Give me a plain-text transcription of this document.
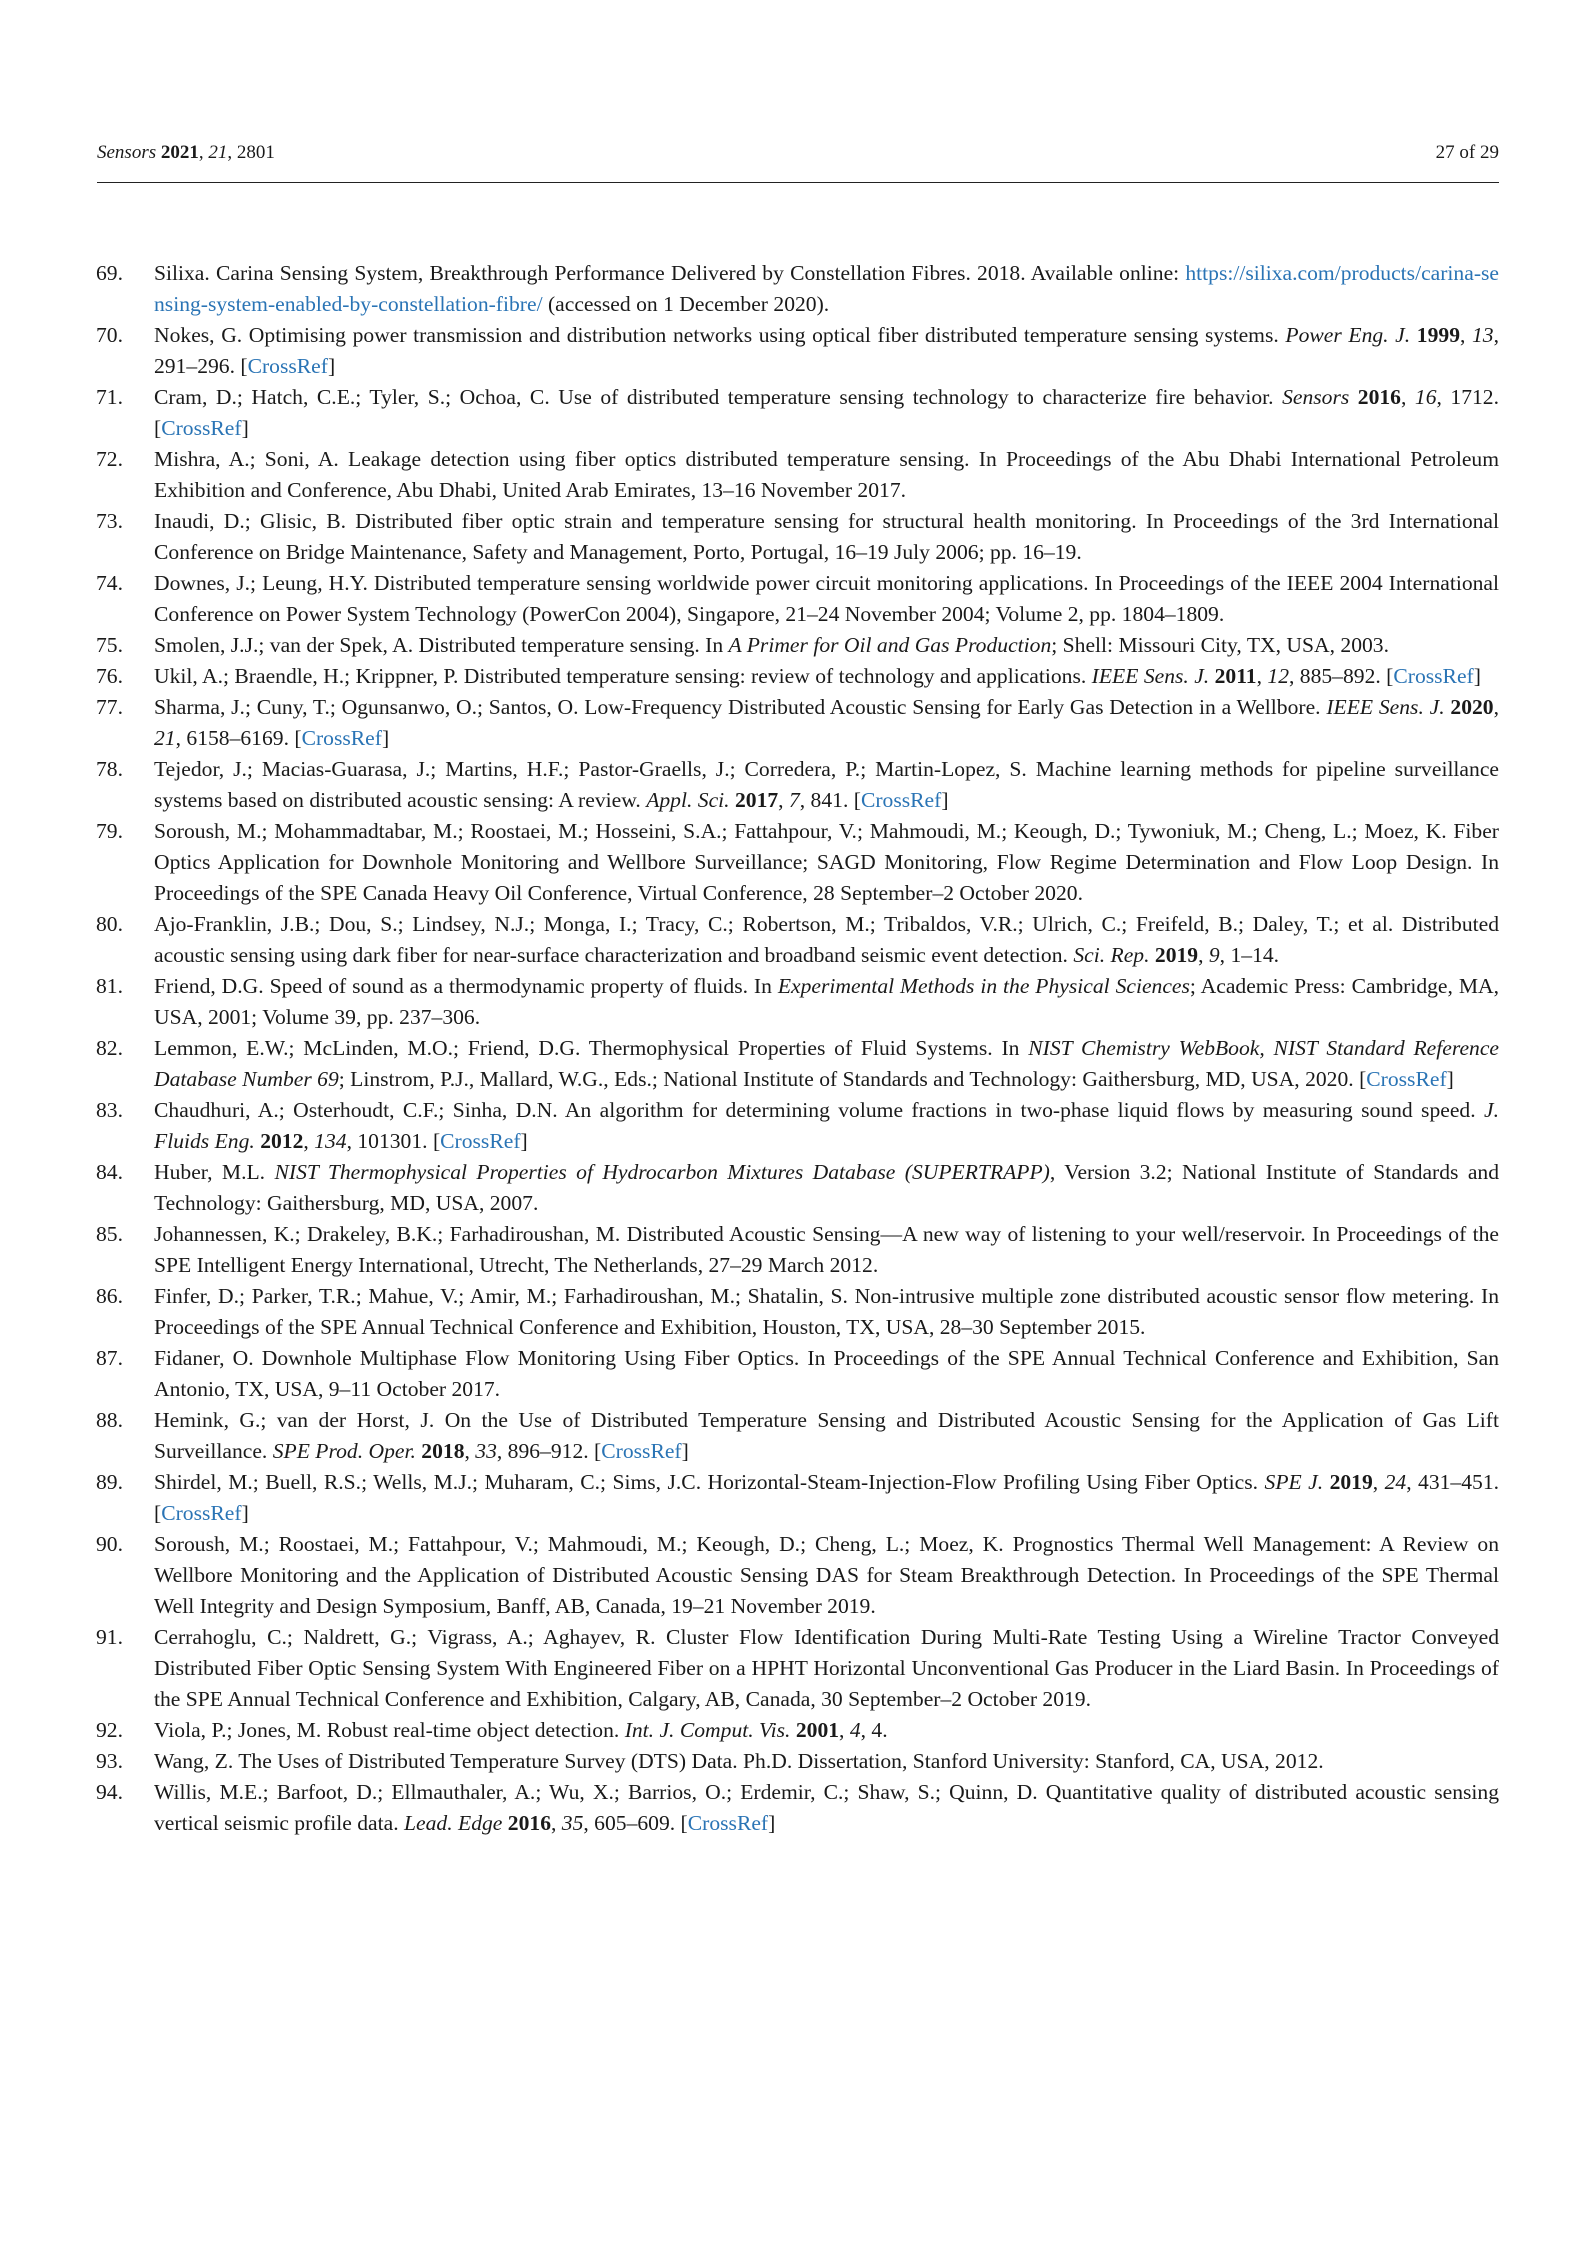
Sensors 2021, 21, 2801	27 of 29
69. Silixa. Carina Sensing System, Breakthrough Performance Delivered by Constellation Fibres. 2018. Available online: https://silixa.com/products/carina-sensing-system-enabled-by-constellation-fibre/ (accessed on 1 December 2020).
70. Nokes, G. Optimising power transmission and distribution networks using optical fiber distributed temperature sensing systems. Power Eng. J. 1999, 13, 291–296. [CrossRef]
71. Cram, D.; Hatch, C.E.; Tyler, S.; Ochoa, C. Use of distributed temperature sensing technology to characterize fire behavior. Sensors 2016, 16, 1712. [CrossRef]
72. Mishra, A.; Soni, A. Leakage detection using fiber optics distributed temperature sensing. In Proceedings of the Abu Dhabi International Petroleum Exhibition and Conference, Abu Dhabi, United Arab Emirates, 13–16 November 2017.
73. Inaudi, D.; Glisic, B. Distributed fiber optic strain and temperature sensing for structural health monitoring. In Proceedings of the 3rd International Conference on Bridge Maintenance, Safety and Management, Porto, Portugal, 16–19 July 2006; pp. 16–19.
74. Downes, J.; Leung, H.Y. Distributed temperature sensing worldwide power circuit monitoring applications. In Proceedings of the IEEE 2004 International Conference on Power System Technology (PowerCon 2004), Singapore, 21–24 November 2004; Volume 2, pp. 1804–1809.
75. Smolen, J.J.; van der Spek, A. Distributed temperature sensing. In A Primer for Oil and Gas Production; Shell: Missouri City, TX, USA, 2003.
76. Ukil, A.; Braendle, H.; Krippner, P. Distributed temperature sensing: review of technology and applications. IEEE Sens. J. 2011, 12, 885–892. [CrossRef]
77. Sharma, J.; Cuny, T.; Ogunsanwo, O.; Santos, O. Low-Frequency Distributed Acoustic Sensing for Early Gas Detection in a Wellbore. IEEE Sens. J. 2020, 21, 6158–6169. [CrossRef]
78. Tejedor, J.; Macias-Guarasa, J.; Martins, H.F.; Pastor-Graells, J.; Corredera, P.; Martin-Lopez, S. Machine learning methods for pipeline surveillance systems based on distributed acoustic sensing: A review. Appl. Sci. 2017, 7, 841. [CrossRef]
79. Soroush, M.; Mohammadtabar, M.; Roostaei, M.; Hosseini, S.A.; Fattahpour, V.; Mahmoudi, M.; Keough, D.; Tywoniuk, M.; Cheng, L.; Moez, K. Fiber Optics Application for Downhole Monitoring and Wellbore Surveillance; SAGD Monitoring, Flow Regime Determination and Flow Loop Design. In Proceedings of the SPE Canada Heavy Oil Conference, Virtual Conference, 28 September–2 October 2020.
80. Ajo-Franklin, J.B.; Dou, S.; Lindsey, N.J.; Monga, I.; Tracy, C.; Robertson, M.; Tribaldos, V.R.; Ulrich, C.; Freifeld, B.; Daley, T.; et al. Distributed acoustic sensing using dark fiber for near-surface characterization and broadband seismic event detection. Sci. Rep. 2019, 9, 1–14.
81. Friend, D.G. Speed of sound as a thermodynamic property of fluids. In Experimental Methods in the Physical Sciences; Academic Press: Cambridge, MA, USA, 2001; Volume 39, pp. 237–306.
82. Lemmon, E.W.; McLinden, M.O.; Friend, D.G. Thermophysical Properties of Fluid Systems. In NIST Chemistry WebBook, NIST Standard Reference Database Number 69; Linstrom, P.J., Mallard, W.G., Eds.; National Institute of Standards and Technology: Gaithersburg, MD, USA, 2020. [CrossRef]
83. Chaudhuri, A.; Osterhoudt, C.F.; Sinha, D.N. An algorithm for determining volume fractions in two-phase liquid flows by measuring sound speed. J. Fluids Eng. 2012, 134, 101301. [CrossRef]
84. Huber, M.L. NIST Thermophysical Properties of Hydrocarbon Mixtures Database (SUPERTRAPP), Version 3.2; National Institute of Standards and Technology: Gaithersburg, MD, USA, 2007.
85. Johannessen, K.; Drakeley, B.K.; Farhadiroushan, M. Distributed Acoustic Sensing—A new way of listening to your well/reservoir. In Proceedings of the SPE Intelligent Energy International, Utrecht, The Netherlands, 27–29 March 2012.
86. Finfer, D.; Parker, T.R.; Mahue, V.; Amir, M.; Farhadiroushan, M.; Shatalin, S. Non-intrusive multiple zone distributed acoustic sensor flow metering. In Proceedings of the SPE Annual Technical Conference and Exhibition, Houston, TX, USA, 28–30 September 2015.
87. Fidaner, O. Downhole Multiphase Flow Monitoring Using Fiber Optics. In Proceedings of the SPE Annual Technical Conference and Exhibition, San Antonio, TX, USA, 9–11 October 2017.
88. Hemink, G.; van der Horst, J. On the Use of Distributed Temperature Sensing and Distributed Acoustic Sensing for the Application of Gas Lift Surveillance. SPE Prod. Oper. 2018, 33, 896–912. [CrossRef]
89. Shirdel, M.; Buell, R.S.; Wells, M.J.; Muharam, C.; Sims, J.C. Horizontal-Steam-Injection-Flow Profiling Using Fiber Optics. SPE J. 2019, 24, 431–451. [CrossRef]
90. Soroush, M.; Roostaei, M.; Fattahpour, V.; Mahmoudi, M.; Keough, D.; Cheng, L.; Moez, K. Prognostics Thermal Well Management: A Review on Wellbore Monitoring and the Application of Distributed Acoustic Sensing DAS for Steam Breakthrough Detection. In Proceedings of the SPE Thermal Well Integrity and Design Symposium, Banff, AB, Canada, 19–21 November 2019.
91. Cerrahoglu, C.; Naldrett, G.; Vigrass, A.; Aghayev, R. Cluster Flow Identification During Multi-Rate Testing Using a Wireline Tractor Conveyed Distributed Fiber Optic Sensing System With Engineered Fiber on a HPHT Horizontal Unconventional Gas Producer in the Liard Basin. In Proceedings of the SPE Annual Technical Conference and Exhibition, Calgary, AB, Canada, 30 September–2 October 2019.
92. Viola, P.; Jones, M. Robust real-time object detection. Int. J. Comput. Vis. 2001, 4, 4.
93. Wang, Z. The Uses of Distributed Temperature Survey (DTS) Data. Ph.D. Dissertation, Stanford University: Stanford, CA, USA, 2012.
94. Willis, M.E.; Barfoot, D.; Ellmauthaler, A.; Wu, X.; Barrios, O.; Erdemir, C.; Shaw, S.; Quinn, D. Quantitative quality of distributed acoustic sensing vertical seismic profile data. Lead. Edge 2016, 35, 605–609. [CrossRef]
